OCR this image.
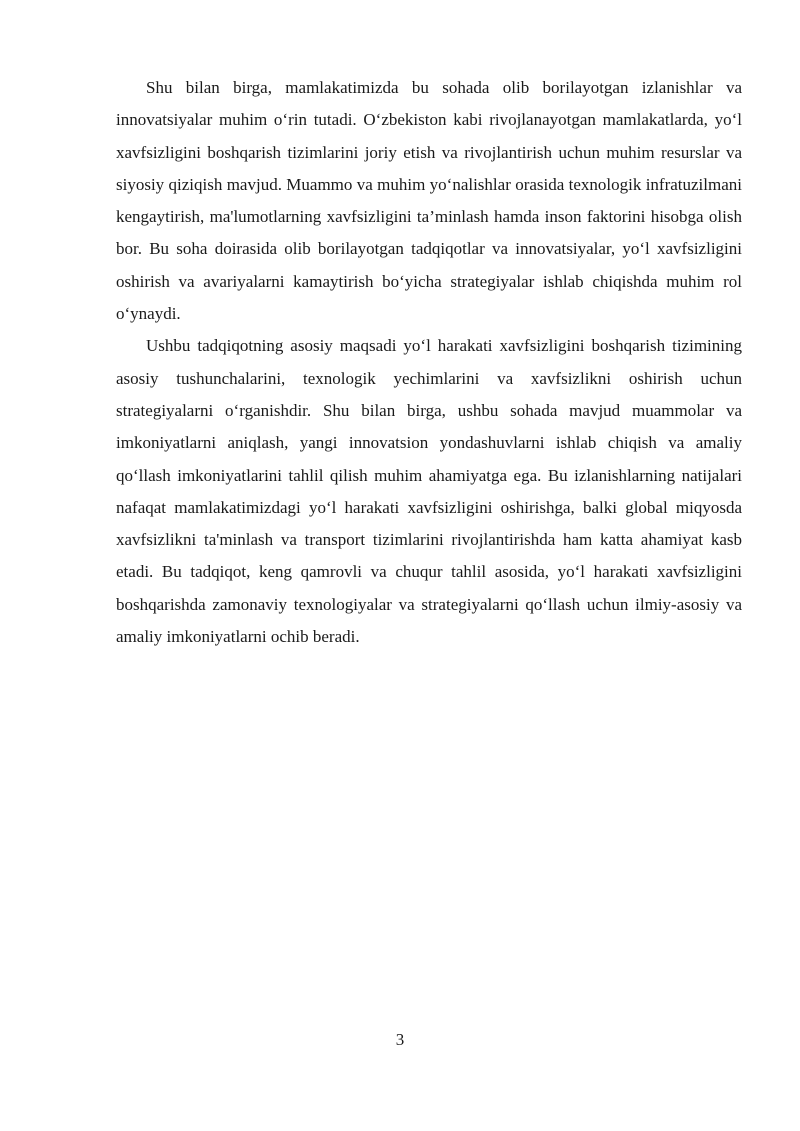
Shu bilan birga, mamlakatimizda bu sohada olib borilayotgan izlanishlar va innovatsiyalar muhim o‘rin tutadi. O‘zbekiston kabi rivojlanayotgan mamlakatlarda, yo‘l xavfsizligini boshqarish tizimlarini joriy etish va rivojlantirish uchun muhim resurslar va siyosiy qiziqish mavjud. Muammo va muhim yo‘nalishlar orasida texnologik infratuzilmani kengaytirish, ma'lumotlarning xavfsizligini ta’minlash hamda inson faktorini hisobga olish bor. Bu soha doirasida olib borilayotgan tadqiqotlar va innovatsiyalar, yo‘l xavfsizligini oshirish va avariyalarni kamaytirish bo‘yicha strategiyalar ishlab chiqishda muhim rol o‘ynaydi.

Ushbu tadqiqotning asosiy maqsadi yo‘l harakati xavfsizligini boshqarish tizimining asosiy tushunchalarini, texnologik yechimlarini va xavfsizlikni oshirish uchun strategiyalarni o‘rganishdir. Shu bilan birga, ushbu sohada mavjud muammolar va imkoniyatlarni aniqlash, yangi innovatsion yondashuvlarni ishlab chiqish va amaliy qo‘llash imkoniyatlarini tahlil qilish muhim ahamiyatga ega. Bu izlanishlarning natijalari nafaqat mamlakatimizdagi yo‘l harakati xavfsizligini oshirishga, balki global miqyosda xavfsizlikni ta'minlash va transport tizimlarini rivojlantirishda ham katta ahamiyat kasb etadi. Bu tadqiqot, keng qamrovli va chuqur tahlil asosida, yo‘l harakati xavfsizligini boshqarishda zamonaviy texnologiyalar va strategiyalarni qo‘llash uchun ilmiy-asosiy va amaliy imkoniyatlarni ochib beradi.

3
